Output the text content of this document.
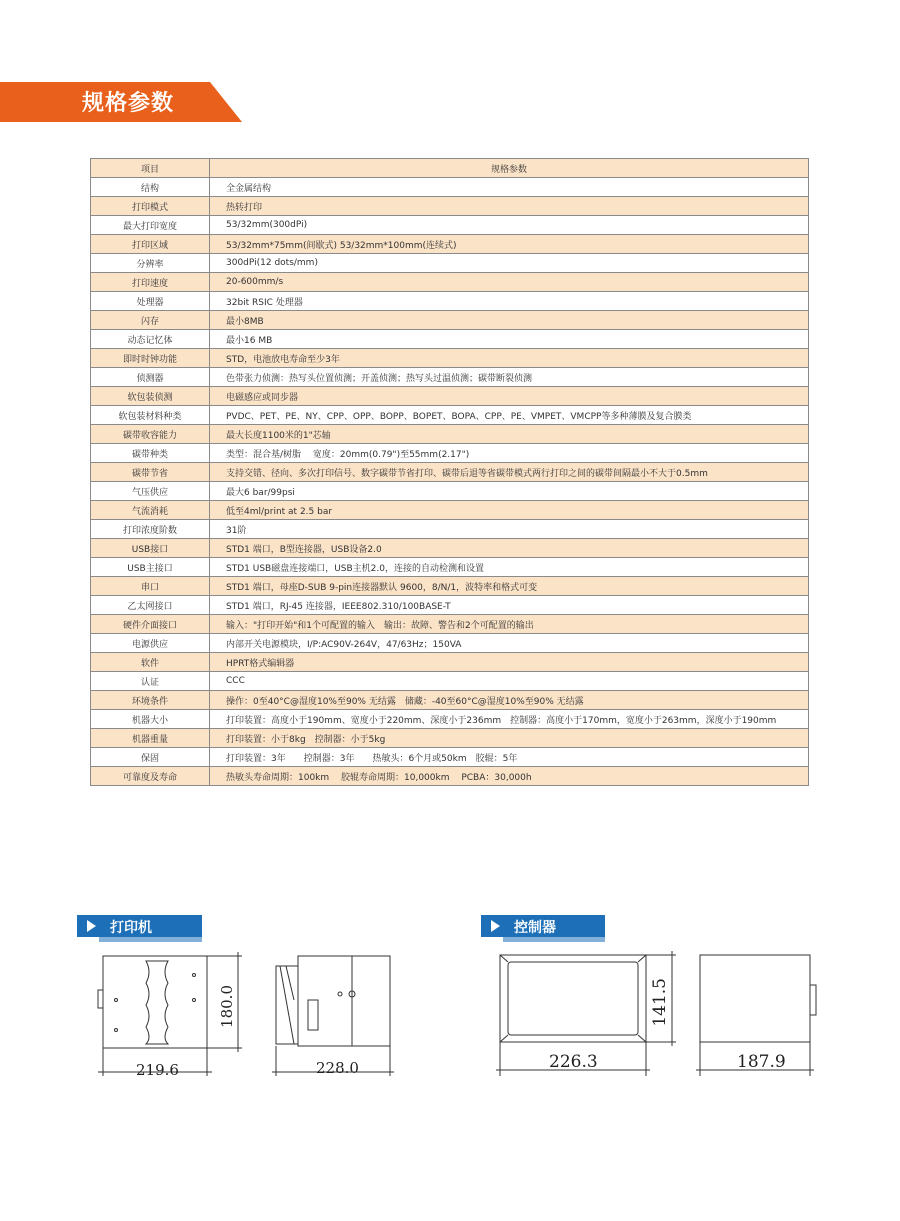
规格参数
项目	规格参数
结构	全金属结构
打印模式	热转打印
最大打印宽度	53/32mm(300dPi)
打印区域	53/32mm*75mm(间歇式) 53/32mm*100mm(连续式)
分辨率	300dPi(12 dots/mm)
打印速度	20-600mm/s
处理器	32bit RSIC 处理器
闪存	最小8MB
动态记忆体	最小16 MB
即时时钟功能	STD，电池放电寿命至少3年
侦测器	色带张力侦测：热写头位置侦测；开盖侦测；热写头过温侦测；碳带断裂侦测
软包装侦测	电磁感应或同步器
软包装材料种类	PVDC、PET、PE、NY、CPP、OPP、BOPP、BOPET、BOPA、CPP、PE、VMPET、VMCPP等多种薄膜及复合膜类
碳带收容能力	最大长度1100米的1"芯轴
碳带种类	类型：混合基/树脂　 宽度：20mm(0.79")至55mm(2.17")
碳带节省	支持交错、径向、多次打印信号、数字碳带节省打印、碳带后退等省碳带模式两行打印之间的碳带间隔最小不大于0.5mm
气压供应	最大6 bar/99psi
气流消耗	低至4ml/print at 2.5 bar
打印浓度阶数	31阶
USB接口	STD1 端口，B型连接器，USB设备2.0
USB主接口	STD1 USB磁盘连接端口，USB主机2.0，连接的自动检测和设置
串口	STD1 端口，母座D-SUB 9-pin连接器默认 9600，8/N/1，波特率和格式可变
乙太网接口	STD1 端口，RJ-45 连接器，IEEE802.310/100BASE-T
硬件介面接口	输入："打印开始"和1个可配置的输入　输出：故障、警告和2个可配置的输出
电源供应	内部开关电源模块，I/P:AC90V-264V，47/63Hz；150VA
软件	HPRT格式编辑器
认证	CCC
环境条件	操作：0至40°C@湿度10%至90% 无结露　储藏：-40至60°C@湿度10%至90% 无结露
机器大小	打印装置：高度小于190mm、宽度小于220mm、深度小于236mm　控制器：高度小于170mm，宽度小于263mm，深度小于190mm
机器重量	打印装置：小于8kg　控制器：小于5kg
保固	打印装置：3年　　控制器：3年　　热敏头：6个月或50km　胶辊：5年
可靠度及寿命	热敏头寿命周期：100km　 胶辊寿命周期：10,000km　 PCBA：30,000h
打印机	控制器
219.6
180.0
228.0	226.3
141.5
187.9
